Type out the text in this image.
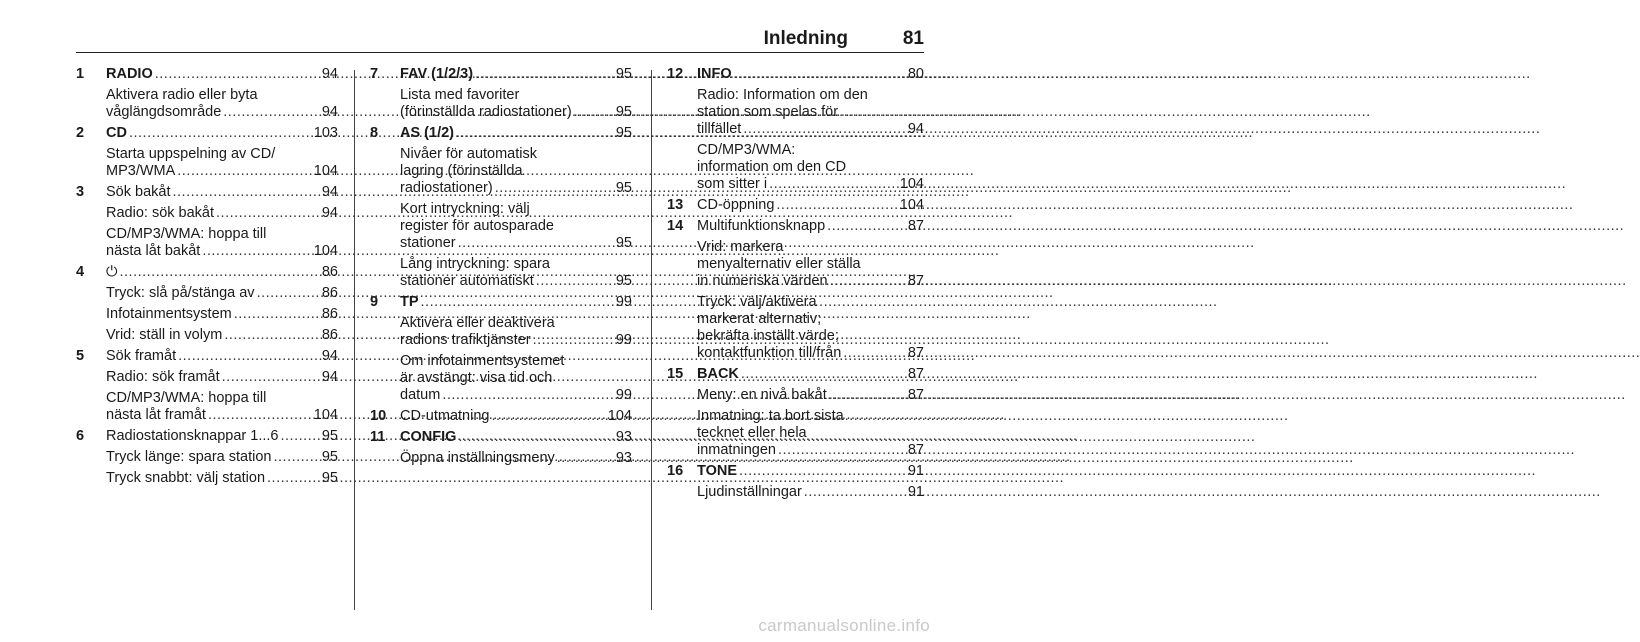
Inledning	81
1 RADIO .....	94
Aktivera radio eller byta
våglängdsområde .....	94
2 CD .....	103
Starta uppspelning av CD/
MP3/WMA .....	104
3 Sök bakåt .....	94
Radio: sök bakåt .....	94
CD/MP3/WMA: hoppa till
nästa låt bakåt .....	104
4 ⏻ .....	86
Tryck: slå på/stänga av .....	86
Infotainmentsystem .....	86
Vrid: ställ in volym .....	86
5 Sök framåt .....	94
Radio: sök framåt .....	94
CD/MP3/WMA: hoppa till
nästa låt framåt .....	104
6 Radiostationsknappar 1...6 .....	95
Tryck länge: spara station .....	95
Tryck snabbt: välj station .....	95
7 FAV (1/2/3) .....	95
Lista med favoriter
(förinställda radiostationer) .....	95
8 AS (1/2) .....	95
Nivåer för automatisk
lagring (förinställda
radiostationer) .....	95
Kort intryckning: välj
register för autosparade
stationer .....	95
Lång intryckning: spara
stationer automatiskt .....	95
9 TP .....	99
Aktivera eller deaktivera
radions trafiktjänster .....	99
Om infotainmentsystemet
är avstängt: visa tid och
datum .....	99
10 CD-utmatning .....	104
11 CONFIG .....	93
Öppna inställningsmeny .....	93
12 INFO .....	80
Radio: Information om den
station som spelas för
tillfället .....	94
CD/MP3/WMA:
information om den CD
som sitter i .....	104
13 CD-öppning .....	104
14 Multifunktionsknapp .....	87
Vrid: markera
menyalternativ eller ställa
in numeriska värden .....	87
Tryck: välj/aktivera
markerat alternativ;
bekräfta inställt värde;
kontaktfunktion till/från .....	87
15 BACK .....	87
Meny: en nivå bakåt .....	87
Inmatning: ta bort sista
tecknet eller hela
inmatningen .....	87
16 TONE .....	91
Ljudinställningar .....	91
carmanualsonline.info
